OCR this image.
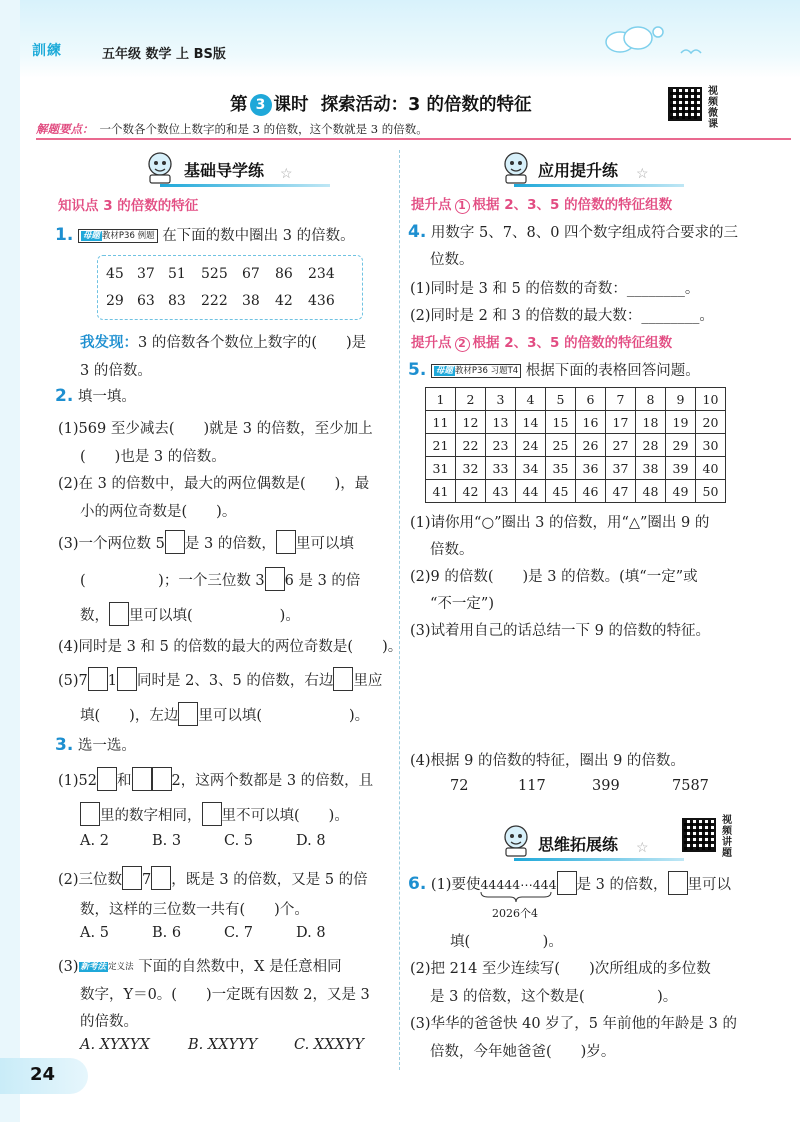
訓練	五年级 数学 上 BS版
第 3 课时 探索活动：3 的倍数的特征
视频微课
解题要点： 一个数各个数位上数字的和是 3 的倍数，这个数就是 3 的倍数。
基础导学练 ☆
知识点 3 的倍数的特征
1. 母题 教材P36 例题 在下面的数中圈出 3 的倍数。
45 37 51 525 67 86 234
29 63 83 222 38 42 436
我发现：3 的倍数各个数位上数字的(　　)是
3 的倍数。
2. 填一填。
(1)569 至少减去(　　)就是 3 的倍数，至少加上
(　　)也是 3 的倍数。
(2)在 3 的倍数中，最大的两位偶数是(　　)，最
小的两位奇数是(　　)。
(3)一个两位数 5 是 3 的倍数， 里可以填
(　　　　　)；一个三位数 3 6 是 3 的倍
数， 里可以填(　　　　　　)。
(4)同时是 3 和 5 的倍数的最大的两位奇数是(　　)。
(5)7 1 同时是 2、3、5 的倍数，右边 里应
填(　　)，左边 里可以填(　　　　　　)。
3. 选一选。
(1)52 和	2，这两个数都是 3 的倍数，且
里的数字相同， 里不可以填(　　)。
A. 2	B. 3	C. 5	D. 8
(2)三位数 7 ，既是 3 的倍数，又是 5 的倍
数，这样的三位数一共有(　　)个。
A. 5	B. 6	C. 7	D. 8
(3) 新考法 定义法 下面的自然数中，X 是任意相同
数字，Y＝0。(　　)一定既有因数 2，又是 3
的倍数。
A. XYXYX	B. XXYYY	C. XXXYY
应用提升练 ☆
提升点 1 根据 2、3、5 的倍数的特征组数
4. 用数字 5、7、8、0 四个数字组成符合要求的三
位数。
(1)同时是 3 和 5 的倍数的奇数：________。
(2)同时是 2 和 3 的倍数的最大数：________。
提升点 2 根据 2、3、5 的倍数的特征组数
5. 母题 教材P36 习题T4 根据下面的表格回答问题。
1	2	3	4	5	6	7	8	9	10
11	12	13	14	15	16	17	18	19	20
21	22	23	24	25	26	27	28	29	30
31	32	33	34	35	36	37	38	39	40
41	42	43	44	45	46	47	48	49	50
(1)请你用“○”圈出 3 的倍数，用“△”圈出 9 的
倍数。
(2)9 的倍数(　　)是 3 的倍数。(填“一定”或
“不一定”)
(3)试着用自己的话总结一下 9 的倍数的特征。
(4)根据 9 的倍数的特征，圈出 9 的倍数。
72	117	399	7587
思维拓展练 ☆
视频讲题
6. (1)要使44444⋯444 是 3 的倍数， 里可以
2026个4
填(　　　　　)。
(2)把 214 至少连续写(　　)次所组成的多位数
是 3 的倍数，这个数是(　　　　　)。
(3)华华的爸爸快 40 岁了，5 年前他的年龄是 3 的
倍数，今年她爸爸(　　)岁。
24
